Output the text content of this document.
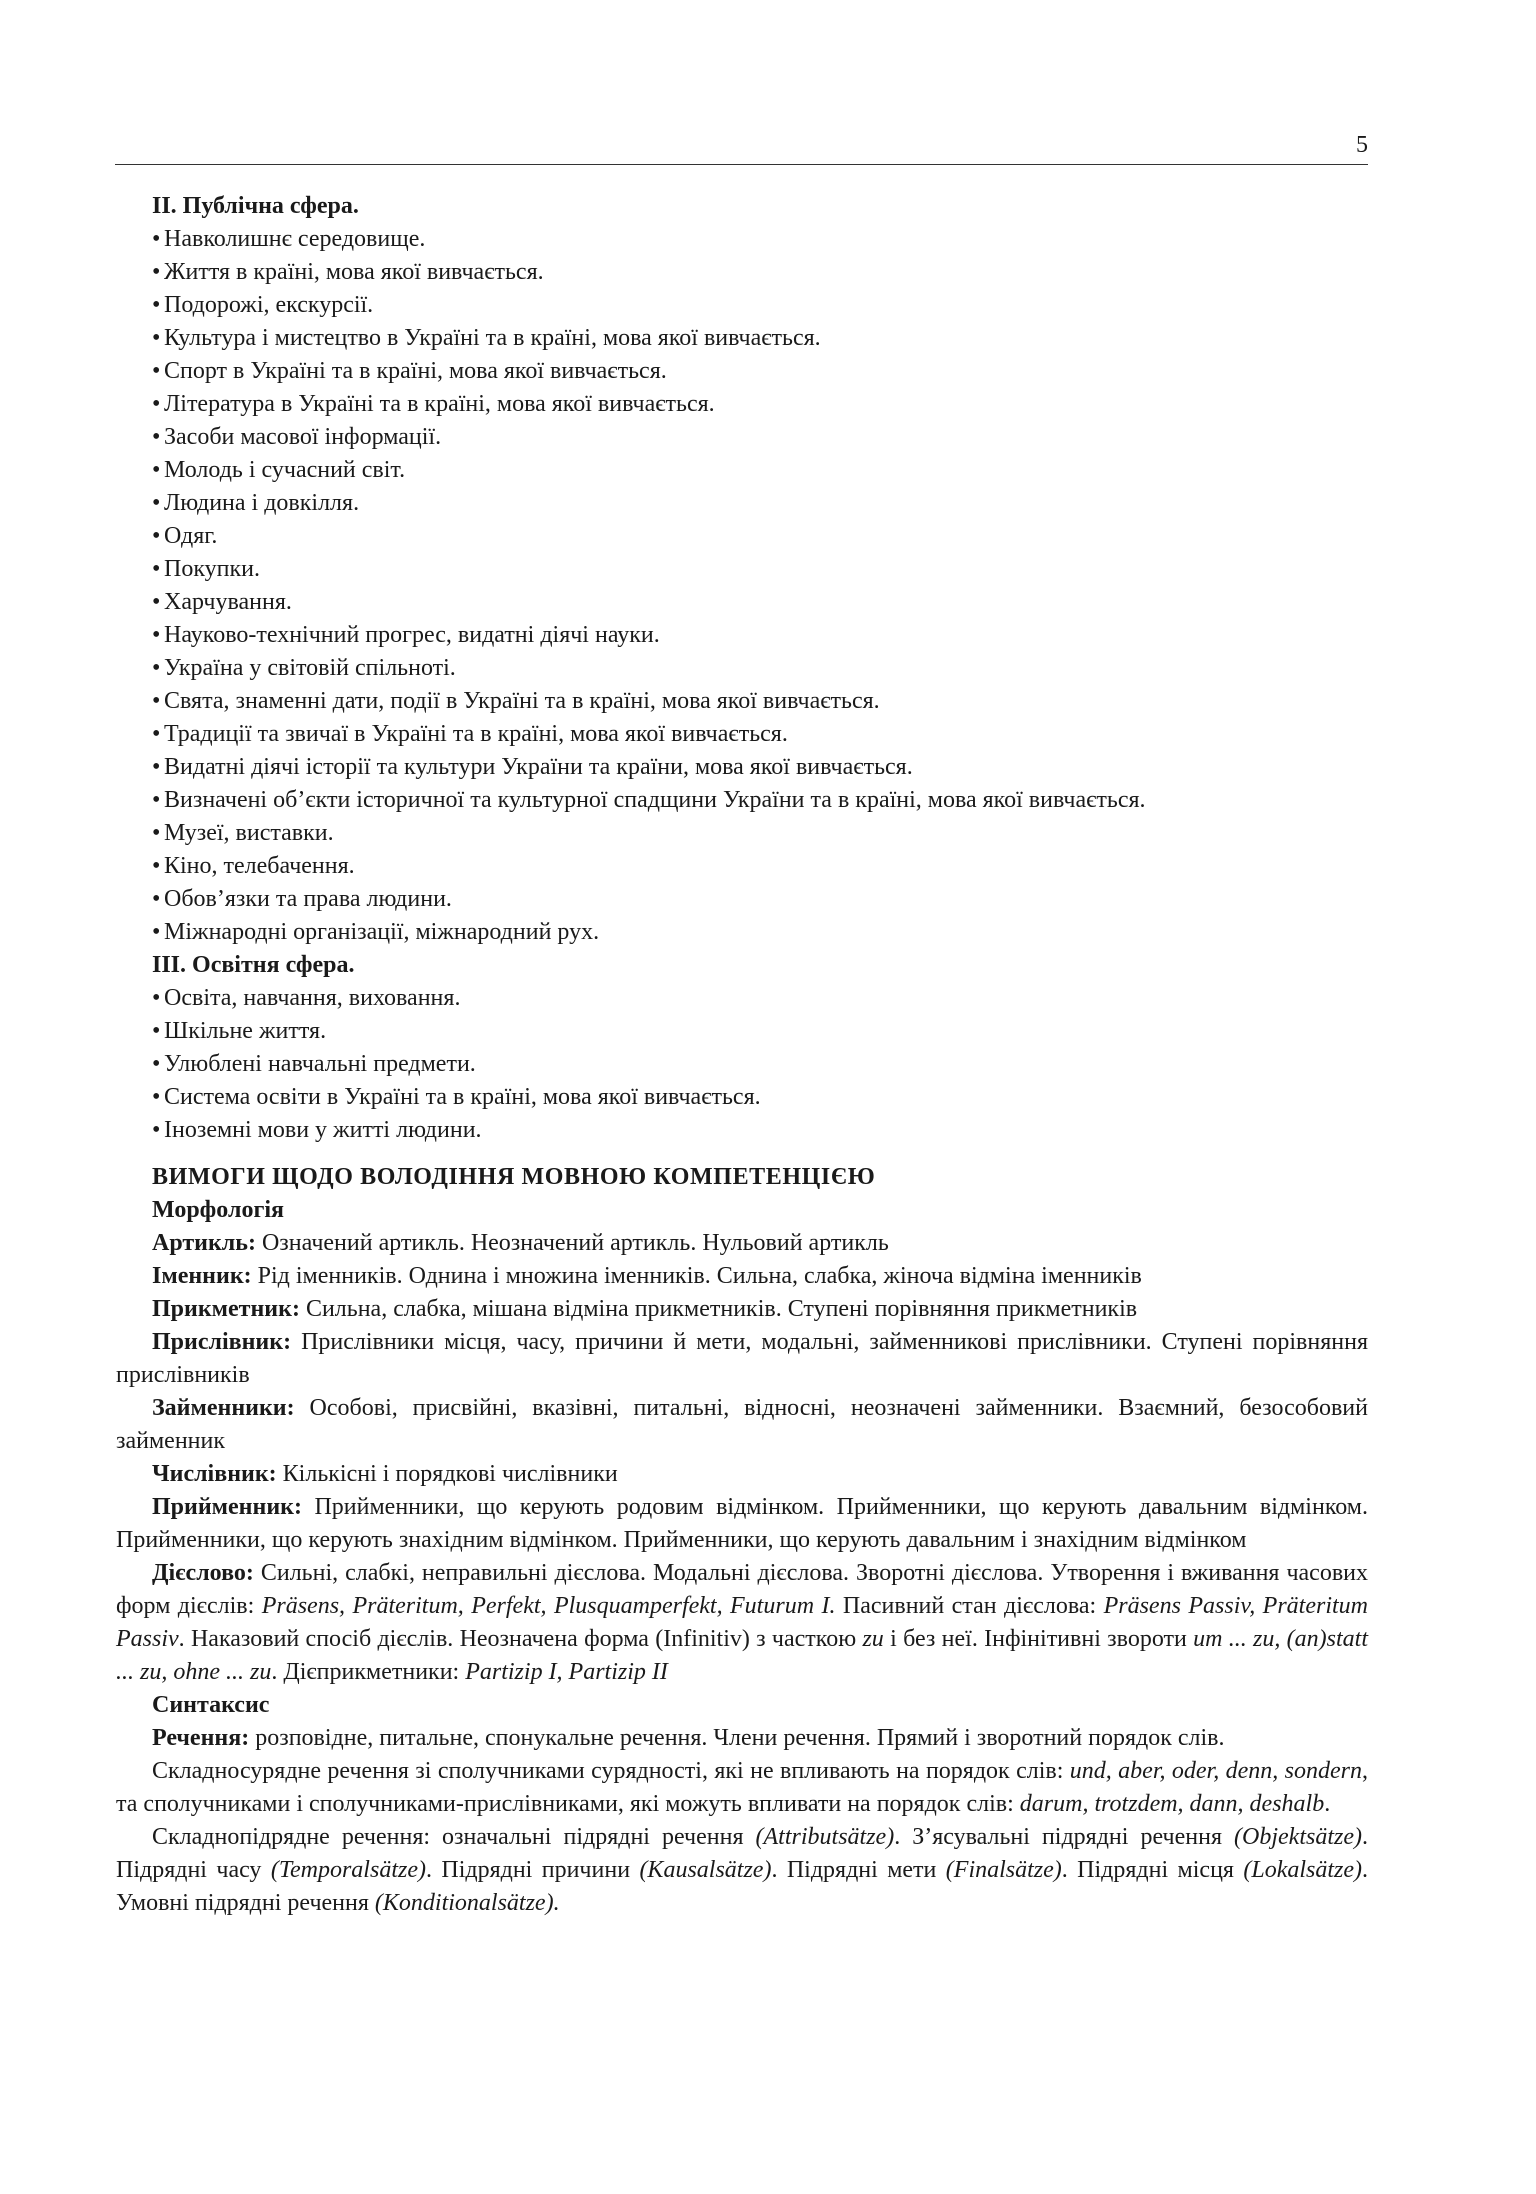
5
II. Публічна сфера.
• Навколишнє середовище.
• Життя в країні, мова якої вивчається.
• Подорожі, екскурсії.
• Культура і мистецтво в Україні та в країні, мова якої вивчається.
• Спорт в Україні та в країні, мова якої вивчається.
• Література в Україні та в країні, мова якої вивчається.
• Засоби масової інформації.
• Молодь і сучасний світ.
• Людина і довкілля.
• Одяг.
• Покупки.
• Харчування.
• Науково-технічний прогрес, видатні діячі науки.
• Україна у світовій спільноті.
• Свята, знаменні дати, події в Україні та в країні, мова якої вивчається.
• Традиції та звичаї в Україні та в країні, мова якої вивчається.
• Видатні діячі історії та культури України та країни, мова якої вивчається.
• Визначені об’єкти історичної та культурної спадщини України та в країні, мова якої вивчається.
• Музеї, виставки.
• Кіно, телебачення.
• Обов’язки та права людини.
• Міжнародні організації, міжнародний рух.
III. Освітня сфера.
• Освіта, навчання, виховання.
• Шкільне життя.
• Улюблені навчальні предмети.
• Система освіти в Україні та в країні, мова якої вивчається.
• Іноземні мови у житті людини.
ВИМОГИ ЩОДО ВОЛОДІННЯ МОВНОЮ КОМПЕТЕНЦІЄЮ
Морфологія

Артикль: Означений артикль. Неозначений артикль. Нульовий артикль

Іменник: Рід іменників. Однина і множина іменників. Сильна, слабка, жіноча відміна іменників

Прикметник: Сильна, слабка, мішана відміна прикметників. Ступені порівняння прикметників

Прислівник: Прислівники місця, часу, причини й мети, модальні, займенникові прислівники. Ступені порівняння прислівників

Займенники: Особові, присвійні, вказівні, питальні, відносні, неозначені займенники. Взаємний, безособовий займенник

Числівник: Кількісні і порядкові числівники

Прийменник: Прийменники, що керують родовим відмінком. Прийменники, що керують давальним відмінком. Прийменники, що керують знахідним відмінком. Прийменники, що керують давальним і знахідним відмінком

Дієслово: Сильні, слабкі, неправильні дієслова. Модальні дієслова. Зворотні дієслова. Утворення і вживання часових форм дієслів: Präsens, Präteritum, Perfekt, Plusquamperfekt, Futurum I. Пасивний стан дієслова: Präsens Passiv, Präteritum Passiv. Наказовий спосіб дієслів. Неозначена форма (Infinitiv) з часткою zu і без неї. Інфінітивні звороти um ... zu, (an)statt ... zu, ohne ... zu. Дієприкметники: Partizip I, Partizip II

Синтаксис

Речення: розповідне, питальне, спонукальне речення. Члени речення. Прямий і зворотний порядок слів.

Складносурядне речення зі сполучниками сурядності, які не впливають на порядок слів: und, aber, oder, denn, sondern, та сполучниками і сполучниками-прислівниками, які можуть впливати на порядок слів: darum, trotzdem, dann, deshalb.

Складнопідрядне речення: означальні підрядні речення (Attributsätze). З’ясувальні підрядні речення (Objektsätze). Підрядні часу (Temporalsätze). Підрядні причини (Kausalsätze). Підрядні мети (Finalsätze). Підрядні місця (Lokalsätze). Умовні підрядні речення (Konditionalsätze).
